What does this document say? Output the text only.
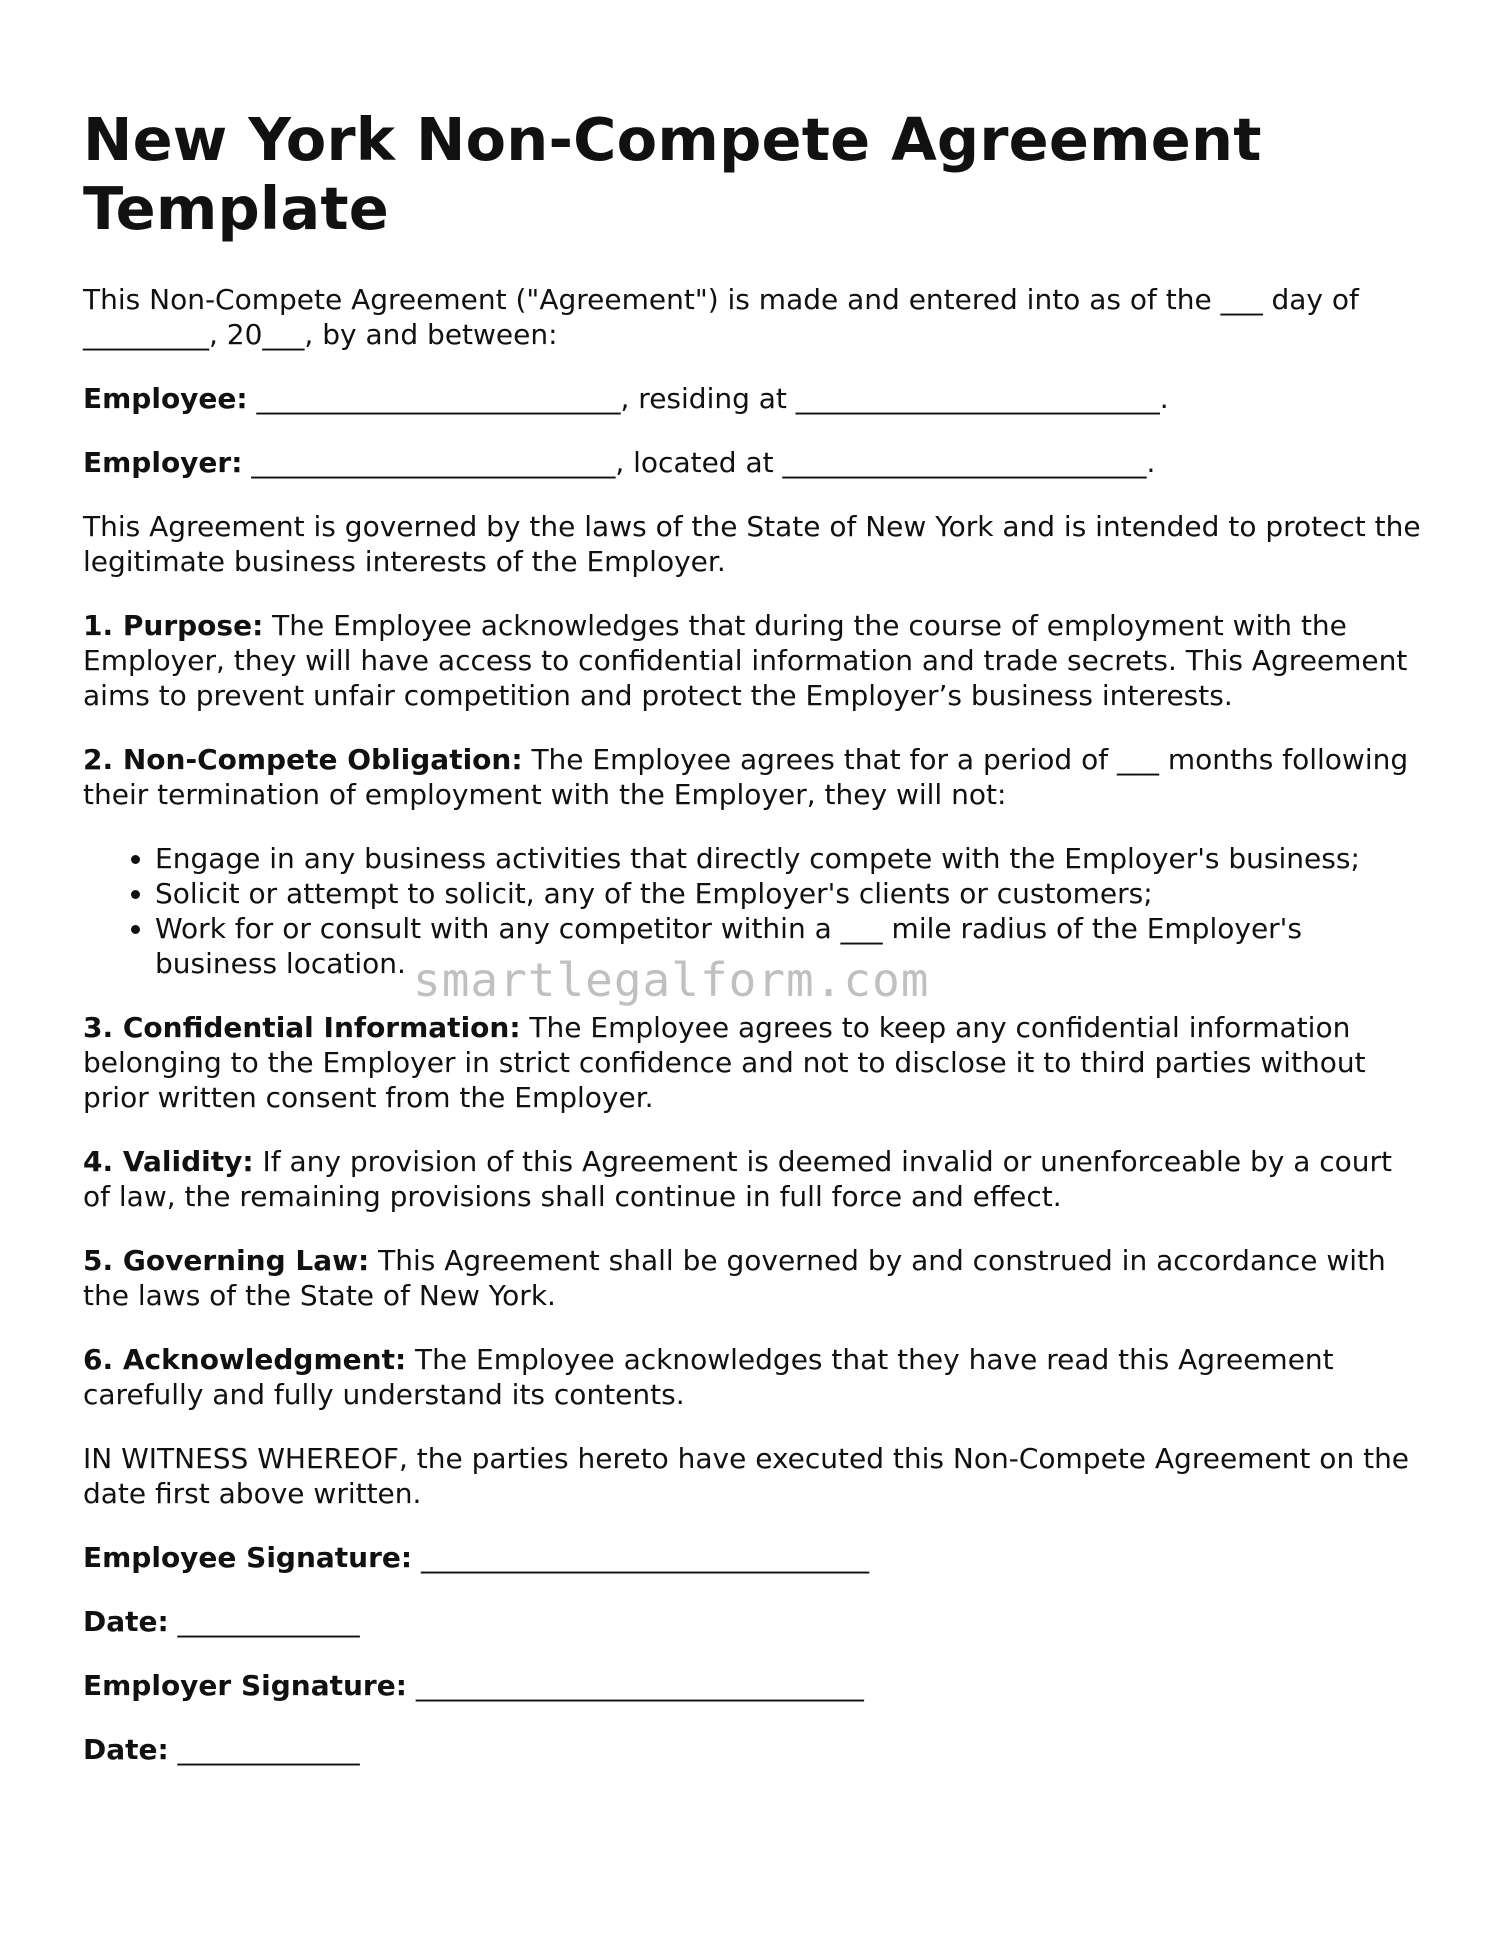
New York Non-Compete Agreement Template

This Non-Compete Agreement ("Agreement") is made and entered into as of the ___ day of _________, 20___, by and between:

Employee: __________________________, residing at __________________________.

Employer: __________________________, located at __________________________.

This Agreement is governed by the laws of the State of New York and is intended to protect the legitimate business interests of the Employer.

1. Purpose: The Employee acknowledges that during the course of employment with the Employer, they will have access to confidential information and trade secrets. This Agreement aims to prevent unfair competition and protect the Employer’s business interests.

2. Non-Compete Obligation: The Employee agrees that for a period of ___ months following their termination of employment with the Employer, they will not:

• Engage in any business activities that directly compete with the Employer's business;
• Solicit or attempt to solicit, any of the Employer's clients or customers;
• Work for or consult with any competitor within a ___ mile radius of the Employer's business location.

3. Confidential Information: The Employee agrees to keep any confidential information belonging to the Employer in strict confidence and not to disclose it to third parties without prior written consent from the Employer.

4. Validity: If any provision of this Agreement is deemed invalid or unenforceable by a court of law, the remaining provisions shall continue in full force and effect.

5. Governing Law: This Agreement shall be governed by and construed in accordance with the laws of the State of New York.

6. Acknowledgment: The Employee acknowledges that they have read this Agreement carefully and fully understand its contents.

IN WITNESS WHEREOF, the parties hereto have executed this Non-Compete Agreement on the date first above written.

Employee Signature: ________________________________

Date: _____________

Employer Signature: ________________________________

Date: _____________

smartlegalform.com
